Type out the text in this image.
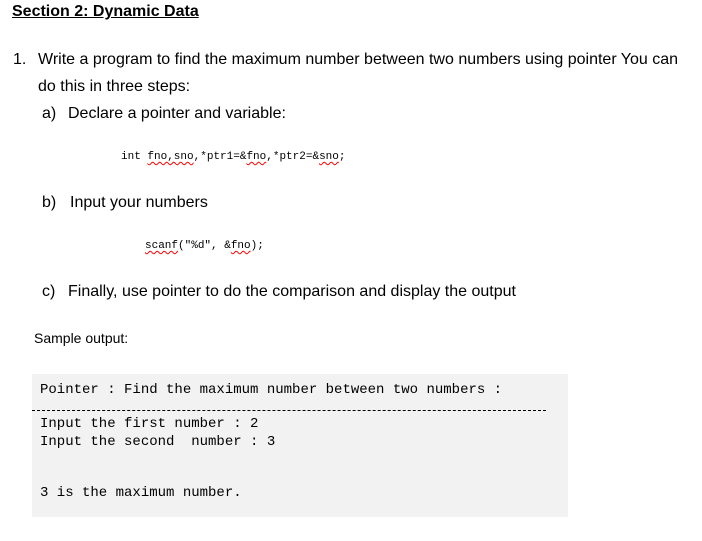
Section 2: Dynamic Data
1. Write a program to find the maximum number between two numbers using pointer You can
do this in three steps:
a) Declare a pointer and variable:
int fno,sno,*ptr1=&fno,*ptr2=&sno;
b) Input your numbers
scanf("%d", &fno);
c) Finally, use pointer to do the comparison and display the output
Sample output:
Pointer : Find the maximum number between two numbers :
Input the first number : 2
Input the second  number : 3
3 is the maximum number.
